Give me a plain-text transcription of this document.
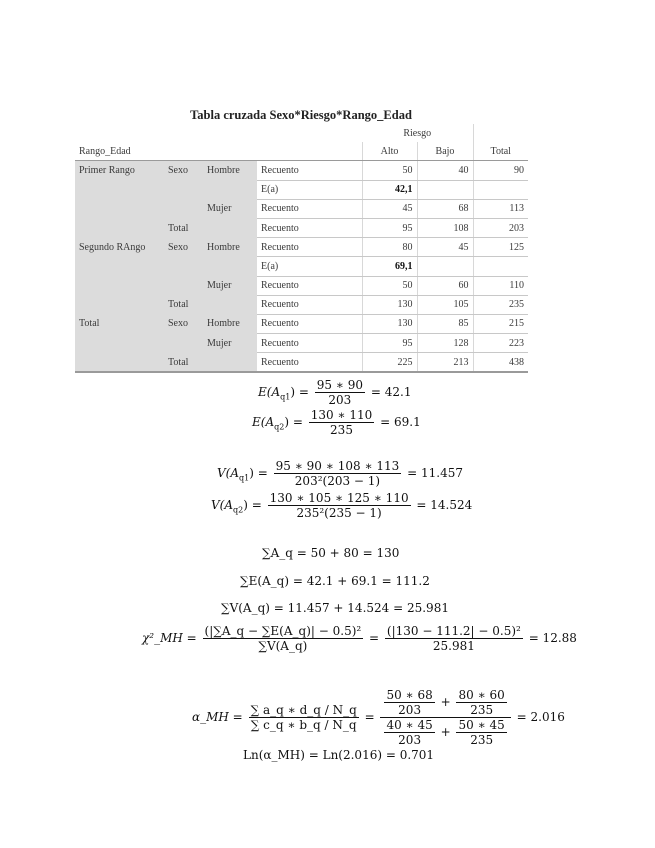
Tabla cruzada Sexo*Riesgo*Rango_Edad
				Riesgo		
Rango_Edad				Alto	Bajo	Total
Primer Rango	Sexo	Hombre	Recuento	50	40	90
			E(a)	42,1		
		Mujer	Recuento	45	68	113
	Total		Recuento	95	108	203
Segundo RAngo	Sexo	Hombre	Recuento	80	45	125
			E(a)	69,1		
		Mujer	Recuento	50	60	110
	Total		Recuento	130	105	235
Total	Sexo	Hombre	Recuento	130	85	215
		Mujer	Recuento	95	128	223
	Total		Recuento	225	213	438
$E(A_{q1}) = \frac{95 ∗ 90}{203} = 42.1$
$E(A_{q2}) = \frac{130 ∗ 110}{235} = 69.1$
$V(A_{q1}) = \frac{95 ∗ 90 ∗ 108 ∗ 113}{\text{203²(203 − 1)}} = 11.457$
$V(A_{q2}) = \frac{130 ∗ 105 ∗ 125 ∗ 110}{\text{235²(235 − 1)}} = 14.524$
∑A_q = 50 + 80 = 130
∑E(A_q) = 42.1 + 69.1 = 111.2
∑V(A_q) = 11.457 + 14.524 = 25.981
χ²_MH = $\frac{\text{(|∑A\_q − ∑E(A\_q)| − 0.5)²}}{\sum V(A\_q)} = \frac{\text{(|130 − 111.2| − 0.5)²}}{25.981} = 12.88$
α_MH = $\frac{\sum a\_q ∗ d\_q / N\_q}{\sum c\_q ∗ b\_q / N\_q} = \frac{\frac{50 ∗ 68}{203} + \frac{80 ∗ 60}{235}}{\frac{40 ∗ 45}{203} + \frac{50 ∗ 45}{235}} = 2.016$
Ln(α_MH) = Ln(2.016) = 0.701
